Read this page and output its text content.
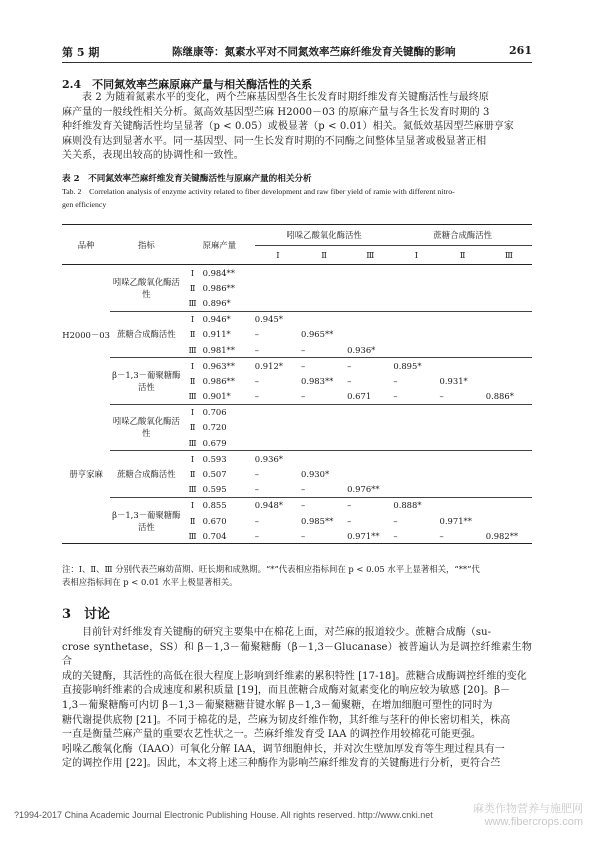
第 5 期	陈继康等：氮素水平对不同氮效率苎麻纤维发育关键酶的影响	261
2.4　不同氮效率苎麻原麻产量与相关酶活性的关系
表 2 为随着氮素水平的变化，两个苎麻基因型各生长发育时期纤维发育关键酶活性与最终原
麻产量的一般线性相关分析。氮高效基因型苎麻 H2000－03 的原麻产量与各生长发育时期的 3
种纤维发育关键酶活性均呈显著（p < 0.05）或极显著（p < 0.01）相关。氮低效基因型苎麻册亨家
麻则没有达到显著水平。同一基因型、同一生长发育时期的不同酶之间整体呈显著或极显著正相
关关系，表现出较高的协调性和一致性。
表 2　不同氮效率苎麻纤维发育关键酶活性与原麻产量的相关分析
Tab. 2　Correlation analysis of enzyme activity related to fiber development and raw fiber yield of ramie with different nitro-
gen efficiency
品种	指标		原麻产量	吲哚乙酸氧化酶活性			蔗糖合成酶活性		
				Ⅰ	Ⅱ	Ⅲ	Ⅰ	Ⅱ	Ⅲ
H2000－03	吲哚乙酸氧化酶活性	Ⅰ	0.984**						
		Ⅱ	0.986**						
		Ⅲ	0.896*						
	蔗糖合成酶活性	Ⅰ	0.946*	0.945*					
		Ⅱ	0.911*	–	0.965**				
		Ⅲ	0.981**	–	–	0.936*			
	β－1,3－葡聚糖酶活性	Ⅰ	0.963**	0.912*	–	–	0.895*		
		Ⅱ	0.986**	–	0.983**	–	–	0.931*	
		Ⅲ	0.901*	–	–	0.671	–	–	0.886*
册亨家麻	吲哚乙酸氧化酶活性	Ⅰ	0.706						
		Ⅱ	0.720						
		Ⅲ	0.679						
	蔗糖合成酶活性	Ⅰ	0.593	0.936*					
		Ⅱ	0.507	–	0.930*				
		Ⅲ	0.595	–	–	0.976**			
	β－1,3－葡聚糖酶活性	Ⅰ	0.855	0.948*	–	–	0.888*		
		Ⅱ	0.670	–	0.985**	–	–	0.971**	
		Ⅲ	0.704	–	–	0.971**	–	–	0.982**
注：Ⅰ、Ⅱ、Ⅲ 分别代表苎麻幼苗期、旺长期和成熟期。“*”代表相应指标间在 p < 0.05 水平上显著相关，“**”代
表相应指标间在 p < 0.01 水平上极显著相关。
3　讨论
目前针对纤维发育关键酶的研究主要集中在棉花上面，对苎麻的报道较少。蔗糖合成酶（su-
crose synthetase，SS）和 β－1,3－葡聚糖酶（β－1,3－Glucanase）被普遍认为是调控纤维素生物合
成的关键酶，其活性的高低在很大程度上影响到纤维素的累积特性 [17-18]。蔗糖合成酶调控纤维的变化
直接影响纤维素的合成速度和累积质量 [19]，而且蔗糖合成酶对氮素变化的响应较为敏感 [20]。β－
1,3－葡聚糖酶可内切 β－1,3－葡聚糖糖苷键水解 β－1,3－葡聚糖，在增加细胞可塑性的同时为
糖代谢提供底物 [21]。不同于棉花的是，苎麻为韧皮纤维作物，其纤维与茎秆的伸长密切相关，株高
一直是衡量苎麻产量的重要农艺性状之一。苎麻纤维发育受 IAA 的调控作用较棉花可能更强。
吲哚乙酸氧化酶（IAAO）可氧化分解 IAA，调节细胞伸长，并对次生壁加厚发育等生理过程具有一
定的调控作用 [22]。因此，本文将上述三种酶作为影响苎麻纤维发育的关键酶进行分析，更符合苎
?1994-2017 China Academic Journal Electronic Publishing House. All rights reserved. http://www.cnki.net	麻类作物营养与施肥网
www.fibercrops.com
